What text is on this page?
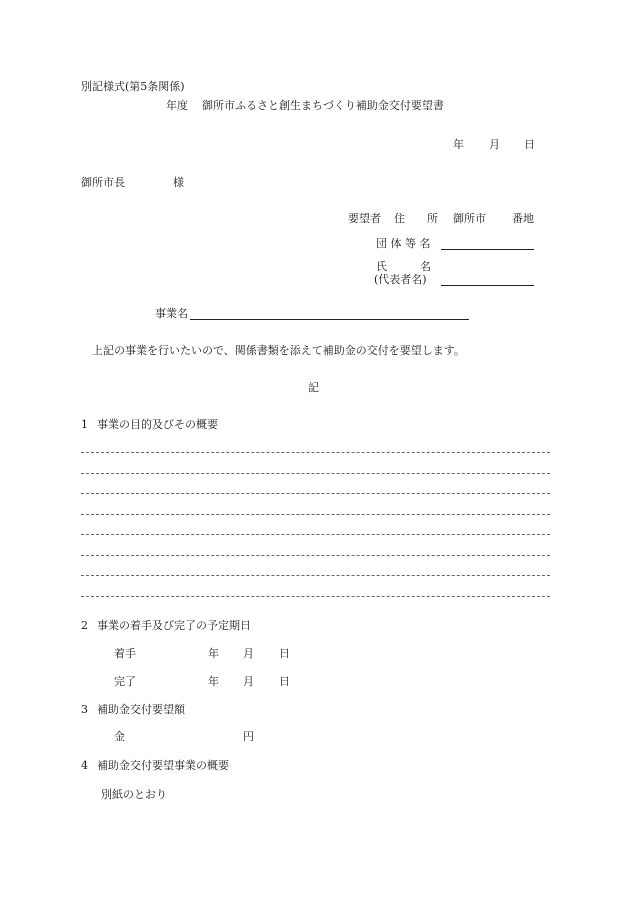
別記様式(第5条関係)
年度 御所市ふるさと創生まちづくり補助金交付要望書
年 月 日
御所市長	様
要望者 住　　所 御所市 番地
団 体 等 名
氏　　　名
(代表者名)
事業名
上記の事業を行いたいので、関係書類を添えて補助金の交付を要望します。
記
1 事業の目的及びその概要
2 事業の着手及び完了の予定期日
着手	年 月 日
完了	年 月 日
3 補助金交付要望額
金	円
4 補助金交付要望事業の概要
別紙のとおり
